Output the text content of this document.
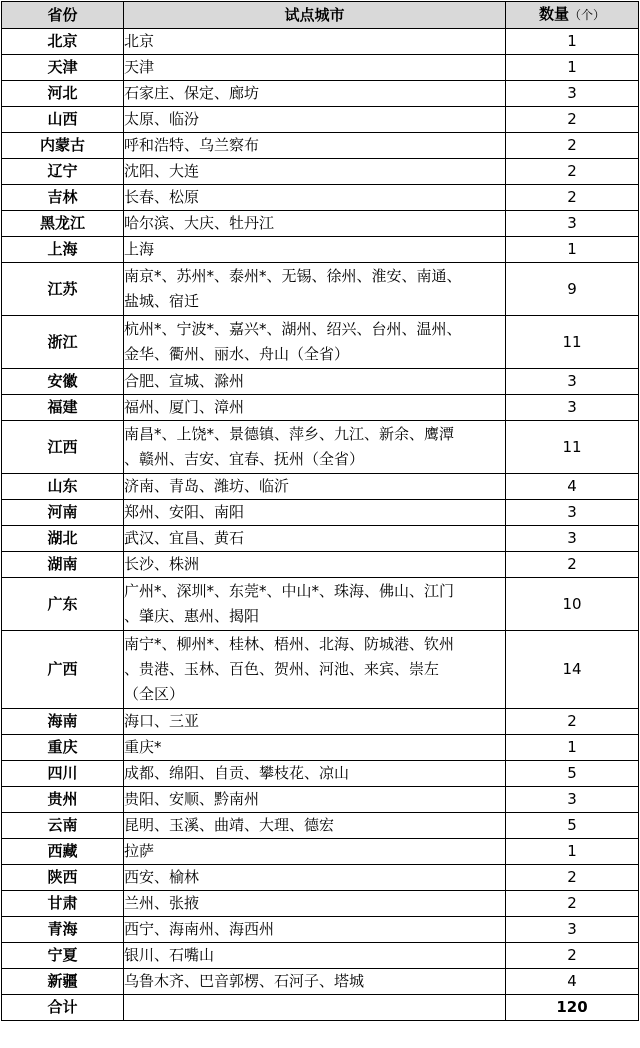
省份	试点城市	数量（个）
北京	北京	1
天津	天津	1
河北	石家庄、保定、廊坊	3
山西	太原、临汾	2
内蒙古	呼和浩特、乌兰察布	2
辽宁	沈阳、大连	2
吉林	长春、松原	2
黑龙江	哈尔滨、大庆、牡丹江	3
上海	上海	1
江苏	南京*、苏州*、泰州*、无锡、徐州、淮安、南通、
盐城、宿迁	9
浙江	杭州*、宁波*、嘉兴*、湖州、绍兴、台州、温州、
金华、衢州、丽水、舟山（全省）	11
安徽	合肥、宣城、滁州	3
福建	福州、厦门、漳州	3
江西	南昌*、上饶*、景德镇、萍乡、九江、新余、鹰潭
、赣州、吉安、宜春、抚州（全省）	11
山东	济南、青岛、潍坊、临沂	4
河南	郑州、安阳、南阳	3
湖北	武汉、宜昌、黄石	3
湖南	长沙、株洲	2
广东	广州*、深圳*、东莞*、中山*、珠海、佛山、江门
、肇庆、惠州、揭阳	10
广西	南宁*、柳州*、桂林、梧州、北海、防城港、钦州
、贵港、玉林、百色、贺州、河池、来宾、崇左
（全区）	14
海南	海口、三亚	2
重庆	重庆*	1
四川	成都、绵阳、自贡、攀枝花、凉山	5
贵州	贵阳、安顺、黔南州	3
云南	昆明、玉溪、曲靖、大理、德宏	5
西藏	拉萨	1
陕西	西安、榆林	2
甘肃	兰州、张掖	2
青海	西宁、海南州、海西州	3
宁夏	银川、石嘴山	2
新疆	乌鲁木齐、巴音郭楞、石河子、塔城	4
合计		120
